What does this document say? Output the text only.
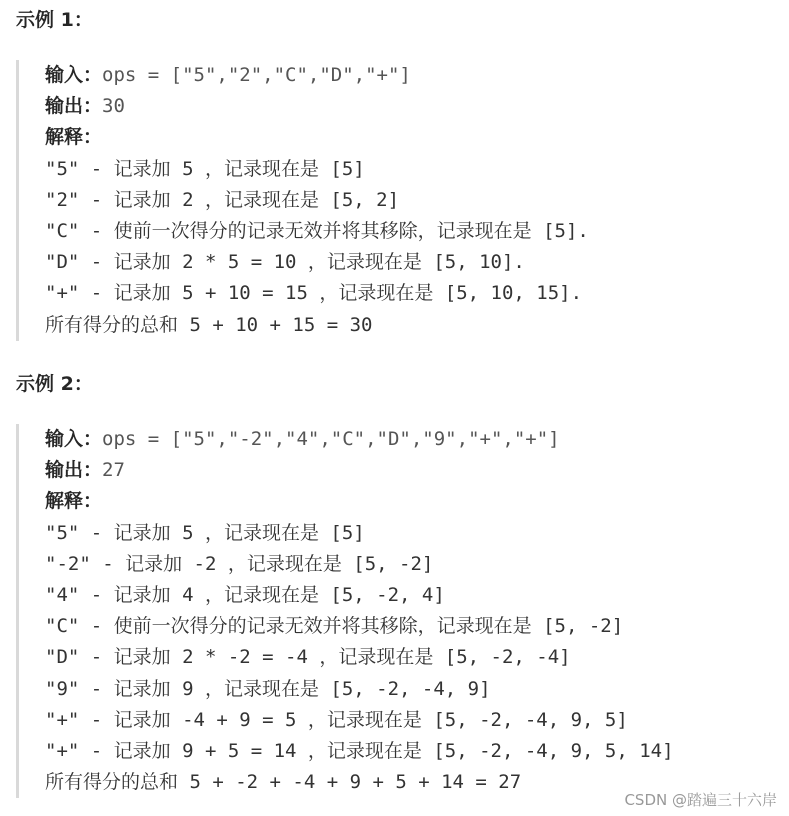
示例 1：
输入：ops = ["5","2","C","D","+"]
输出：30
解释：
"5" - 记录加 5 ，记录现在是 [5]
"2" - 记录加 2 ，记录现在是 [5, 2]
"C" - 使前一次得分的记录无效并将其移除，记录现在是 [5].
"D" - 记录加 2 * 5 = 10 ，记录现在是 [5, 10].
"+" - 记录加 5 + 10 = 15 ，记录现在是 [5, 10, 15].
所有得分的总和 5 + 10 + 15 = 30
示例 2：
输入：ops = ["5","-2","4","C","D","9","+","+"]
输出：27
解释：
"5" - 记录加 5 ，记录现在是 [5]
"-2" - 记录加 -2 ，记录现在是 [5, -2]
"4" - 记录加 4 ，记录现在是 [5, -2, 4]
"C" - 使前一次得分的记录无效并将其移除，记录现在是 [5, -2]
"D" - 记录加 2 * -2 = -4 ，记录现在是 [5, -2, -4]
"9" - 记录加 9 ，记录现在是 [5, -2, -4, 9]
"+" - 记录加 -4 + 9 = 5 ，记录现在是 [5, -2, -4, 9, 5]
"+" - 记录加 9 + 5 = 14 ，记录现在是 [5, -2, -4, 9, 5, 14]
所有得分的总和 5 + -2 + -4 + 9 + 5 + 14 = 27
CSDN @踏遍三十六岸
